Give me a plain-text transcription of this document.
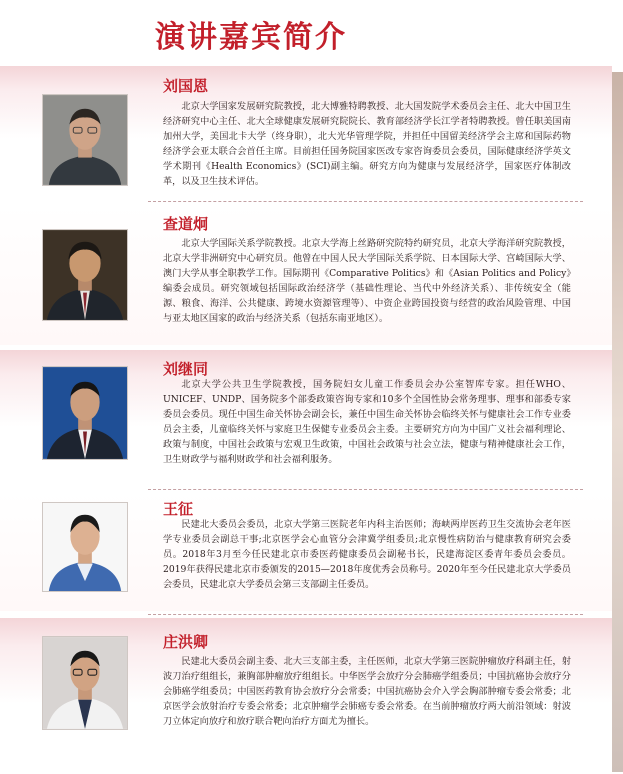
演讲嘉宾简介
刘国恩

北京大学国家发展研究院教授，北大博雅特聘教授、北大国发院学术委员会主任、北大中国卫生经济研究中心主任、北大全球健康发展研究院院长、教育部经济学长江学者特聘教授。曾任职美国南加州大学，美国北卡大学（终身职），北大光华管理学院，并担任中国留美经济学会主席和国际药物经济学会亚太联合会首任主席。目前担任国务院国家医改专家咨询委员会委员，国际健康经济学英文学术期刊《Health Economics》(SCI)副主编。研究方向为健康与发展经济学，国家医疗体制改革，以及卫生技术评估。

查道炯

北京大学国际关系学院教授。北京大学海上丝路研究院特约研究员，北京大学海洋研究院教授，北京大学非洲研究中心研究员。他曾在中国人民大学国际关系学院、日本国际大学、宫崎国际大学、澳门大学从事全职教学工作。国际期刊《Comparative Politics》和《Asian Politics and Policy》编委会成员。研究领域包括国际政治经济学（基础性理论、当代中外经济关系）、非传统安全（能源、粮食、海洋、公共健康、跨境水资源管理等）、中资企业跨国投资与经营的政治风险管理、中国与亚太地区国家的政治与经济关系（包括东南亚地区）。

刘继同

北京大学公共卫生学院教授，国务院妇女儿童工作委员会办公室智库专家。担任WHO、UNICEF、UNDP、国务院多个部委政策咨询专家和10多个全国性协会常务理事、理事和部委专家委员会委员。现任中国生命关怀协会副会长，兼任中国生命关怀协会临终关怀与健康社会工作专业委员会主委，儿童临终关怀与家庭卫生保健专业委员会主委。主要研究方向为中国广义社会福利理论、政策与制度，中国社会政策与宏观卫生政策，中国社会政策与社会立法，健康与精神健康社会工作，卫生财政学与福利财政学和社会福利服务。

王征

民建北大委员会委员，北京大学第三医院老年内科主治医师；海峡两岸医药卫生交流协会老年医学专业委员会副总干事;北京医学会心血管分会津冀学组委员;北京慢性病防治与健康教育研究会委员。2018年3月至今任民建北京市委医药健康委员会副秘书长，民建海淀区委青年委员会委员。2019年获得民建北京市委颁发的2015—2018年度优秀会员称号。2020年至今任民建北京大学委员会委员，民建北京大学委员会第三支部副主任委员。

庄洪卿

民建北大委员会副主委、北大三支部主委，主任医师，北京大学第三医院肿瘤放疗科副主任，射波刀治疗组组长，兼胸部肿瘤放疗组组长。中华医学会放疗分会肺癌学组委员；中国抗癌协会放疗分会肺癌学组委员；中国医药教育协会放疗分会常委；中国抗癌协会介入学会胸部肿瘤专委会常委；北京医学会放射治疗专委会常委；北京肿瘤学会肺癌专委会常委。在当前肿瘤放疗两大前沿领域：射波刀立体定向放疗和放疗联合靶向治疗方面尤为擅长。
